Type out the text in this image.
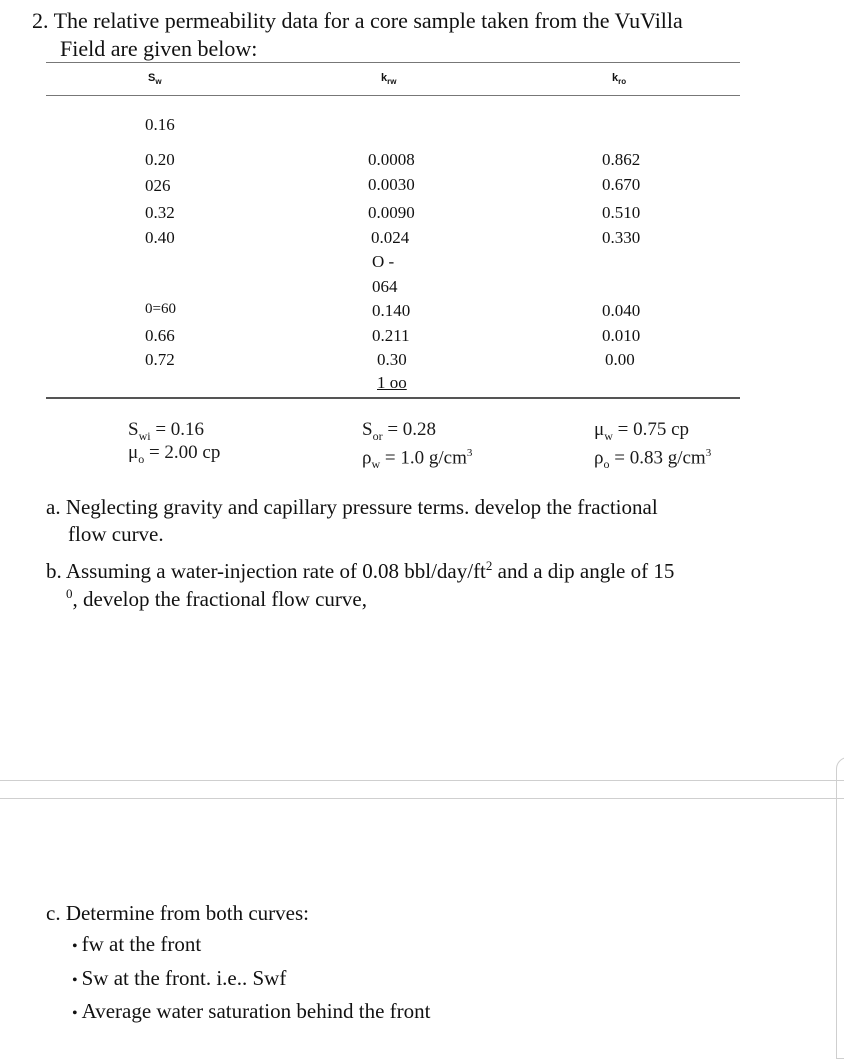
2. The relative permeability data for a core sample taken from the VuVilla
Field are given below:
$S_w$	$k_{rw}$	$k_{ro}$
0.16
0.20
026
0.32
0.40
0=60
0.66
0.72
0.0008
0.0030
0.0090
0.024
O -
064
0.140
0.211
0.30
1 oo
0.862
0.670
0.510
0.330
0.040
0.010
0.00
$S_{wi} = 0.16$
$\mu_o = 2.00$ cp
$S_{or} = 0.28$
$\rho_w = 1.0$ $g/cm^3$
$\mu_w = 0.75$ cp
$\rho_o = 0.83$ $g/cm^3$
a. Neglecting gravity and capillary pressure terms. develop the fractional
flow curve.
b. Assuming a water-injection rate of 0.08 bbl/$day/ft^2$ and a dip angle of 15
$^0$, develop the fractional flow curve,
c. Determine from both curves:
• fw at the front
• Sw at the front. i.e.. Swf
• Average water saturation behind the front
